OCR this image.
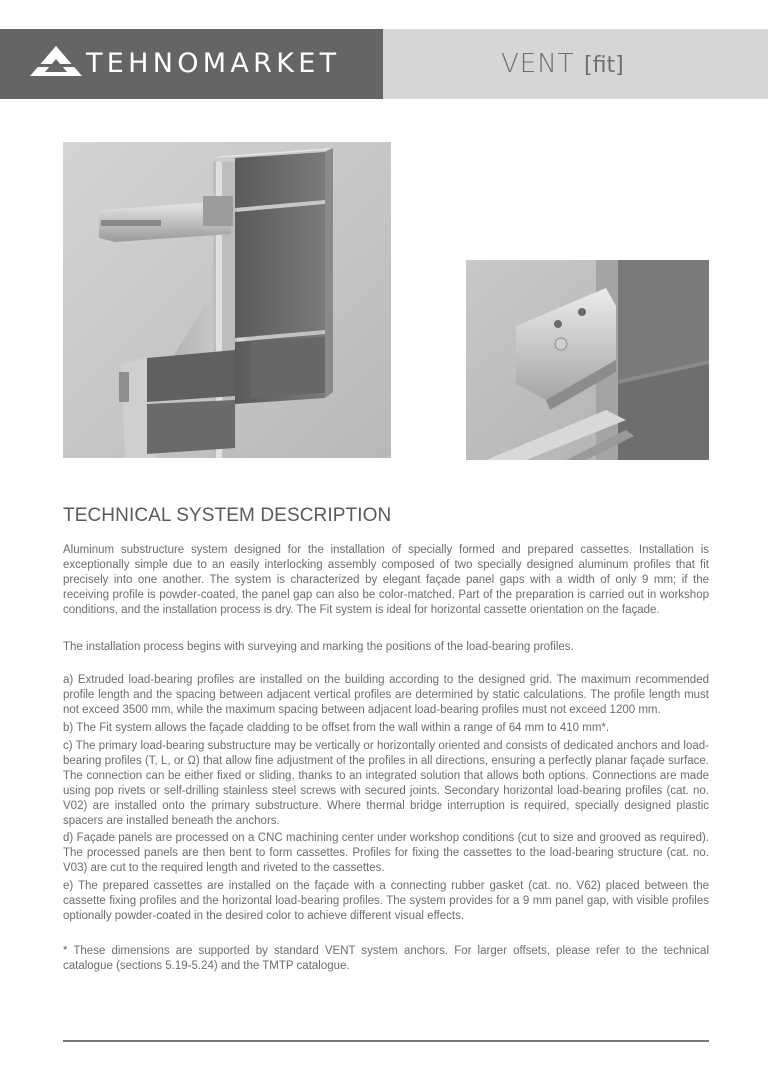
TEHNOMARKET	VENT [fit]
TECHNICAL SYSTEM DESCRIPTION

Aluminum substructure system designed for the installation of specially formed and prepared cassettes. Installation is exceptionally simple due to an easily interlocking assembly composed of two specially designed aluminum profiles that fit precisely into one another. The system is characterized by elegant façade panel gaps with a width of only 9 mm; if the receiving profile is powder-coated, the panel gap can also be color-matched. Part of the preparation is carried out in workshop conditions, and the installation process is dry. The Fit system is ideal for horizontal cassette orientation on the façade.

The installation process begins with surveying and marking the positions of the load-bearing profiles.

a) Extruded load-bearing profiles are installed on the building according to the designed grid. The maximum recommended profile length and the spacing between adjacent vertical profiles are determined by static calculations. The profile length must not exceed 3500 mm, while the maximum spacing between adjacent load-bearing profiles must not exceed 1200 mm.

b) The Fit system allows the façade cladding to be offset from the wall within a range of 64 mm to 410 mm*.

c) The primary load-bearing substructure may be vertically or horizontally oriented and consists of dedicated anchors and load-bearing profiles (T, L, or Ω) that allow fine adjustment of the profiles in all directions, ensuring a perfectly planar façade surface. The connection can be either fixed or sliding, thanks to an integrated solution that allows both options. Connections are made using pop rivets or self-drilling stainless steel screws with secured joints. Secondary horizontal load-bearing profiles (cat. no. V02) are installed onto the primary substructure. Where thermal bridge interruption is required, specially designed plastic spacers are installed beneath the anchors.

d) Façade panels are processed on a CNC machining center under workshop conditions (cut to size and grooved as required). The processed panels are then bent to form cassettes. Profiles for fixing the cassettes to the load-bearing structure (cat. no. V03) are cut to the required length and riveted to the cassettes.

e) The prepared cassettes are installed on the façade with a connecting rubber gasket (cat. no. V62) placed between the cassette fixing profiles and the horizontal load-bearing profiles. The system provides for a 9 mm panel gap, with visible profiles optionally powder-coated in the desired color to achieve different visual effects.

* These dimensions are supported by standard VENT system anchors. For larger offsets, please refer to the technical catalogue (sections 5.19-5.24) and the TMTP catalogue.
